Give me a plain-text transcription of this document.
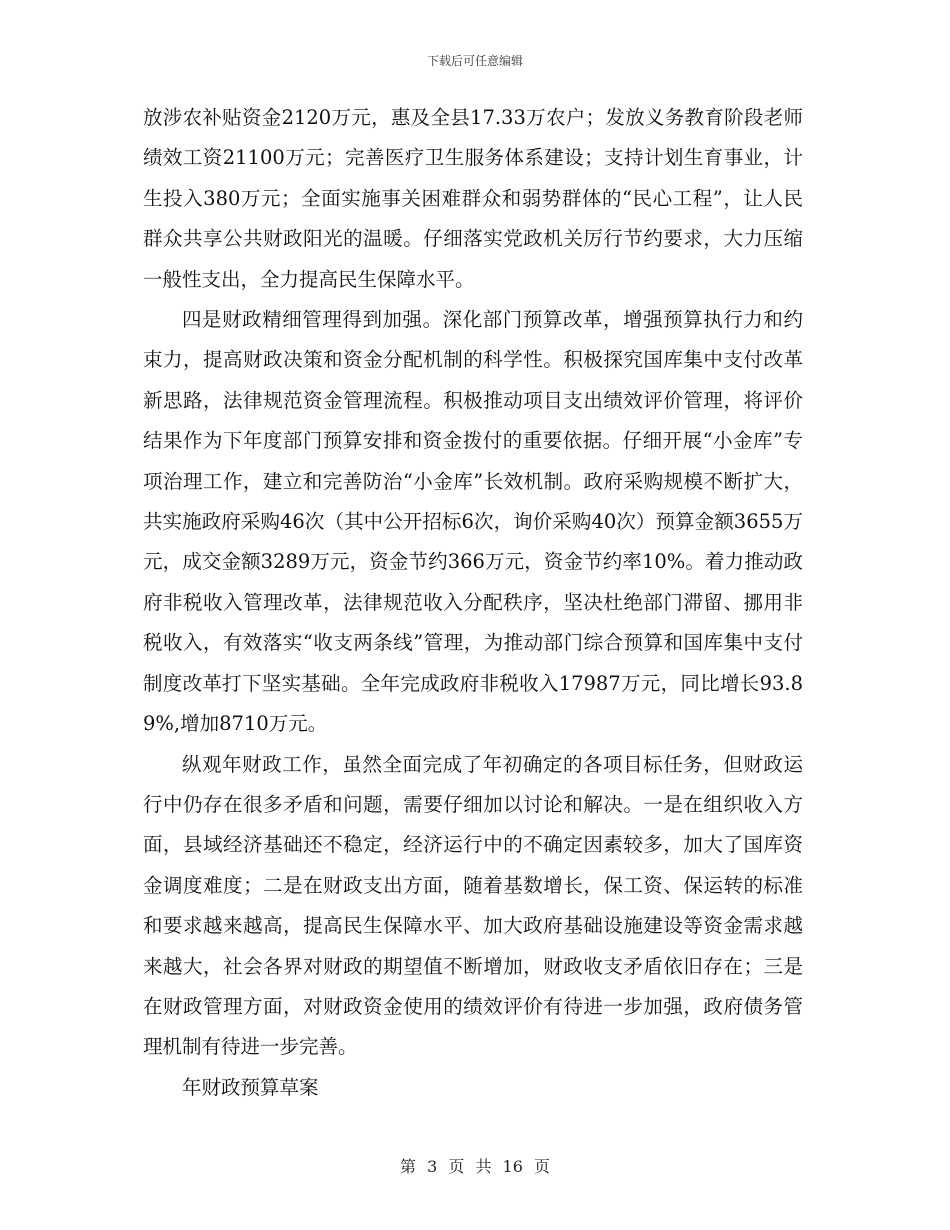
下载后可任意编辑

放涉农补贴资金2120万元，惠及全县17.33万农户；发放义务教育阶段老师绩效工资21100万元；完善医疗卫生服务体系建设；支持计划生育事业，计生投入380万元；全面实施事关困难群众和弱势群体的“民心工程”，让人民群众共享公共财政阳光的温暖。仔细落实党政机关厉行节约要求，大力压缩一般性支出，全力提高民生保障水平。

四是财政精细管理得到加强。深化部门预算改革，增强预算执行力和约束力，提高财政决策和资金分配机制的科学性。积极探究国库集中支付改革新思路，法律规范资金管理流程。积极推动项目支出绩效评价管理，将评价结果作为下年度部门预算安排和资金拨付的重要依据。仔细开展“小金库”专项治理工作，建立和完善防治“小金库”长效机制。政府采购规模不断扩大，共实施政府采购46次（其中公开招标6次，询价采购40次）预算金额3655万元，成交金额3289万元，资金节约366万元，资金节约率10%。着力推动政府非税收入管理改革，法律规范收入分配秩序，坚决杜绝部门滞留、挪用非税收入，有效落实“收支两条线”管理，为推动部门综合预算和国库集中支付制度改革打下坚实基础。全年完成政府非税收入17987万元，同比增长93.89%,增加8710万元。

纵观年财政工作，虽然全面完成了年初确定的各项目标任务，但财政运行中仍存在很多矛盾和问题，需要仔细加以讨论和解决。一是在组织收入方面，县域经济基础还不稳定，经济运行中的不确定因素较多，加大了国库资金调度难度；二是在财政支出方面，随着基数增长，保工资、保运转的标准和要求越来越高，提高民生保障水平、加大政府基础设施建设等资金需求越来越大，社会各界对财政的期望值不断增加，财政收支矛盾依旧存在；三是在财政管理方面，对财政资金使用的绩效评价有待进一步加强，政府债务管理机制有待进一步完善。

年财政预算草案

第 3 页 共 16 页
